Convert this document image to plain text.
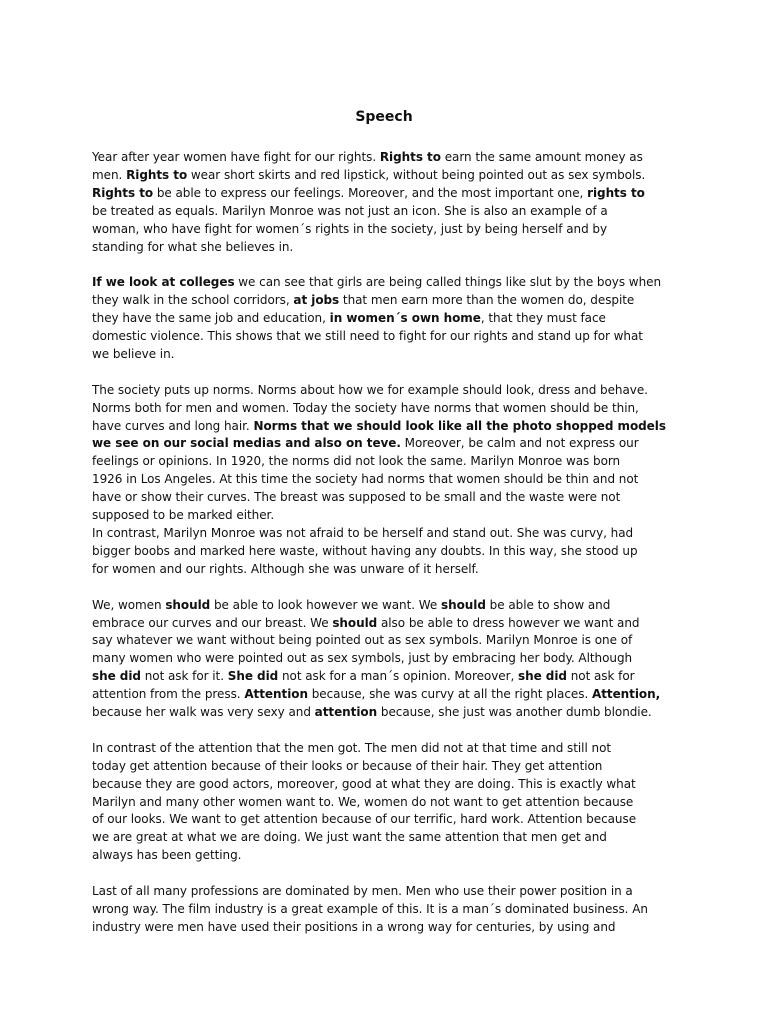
Speech
Year after year women have fight for our rights. Rights to earn the same amount money as
men. Rights to wear short skirts and red lipstick, without being pointed out as sex symbols.
Rights to be able to express our feelings. Moreover, and the most important one, rights to
be treated as equals. Marilyn Monroe was not just an icon. She is also an example of a
woman, who have fight for women´s rights in the society, just by being herself and by
standing for what she believes in.
If we look at colleges we can see that girls are being called things like slut by the boys when
they walk in the school corridors, at jobs that men earn more than the women do, despite
they have the same job and education, in women´s own home, that they must face
domestic violence. This shows that we still need to fight for our rights and stand up for what
we believe in.
The society puts up norms. Norms about how we for example should look, dress and behave.
Norms both for men and women. Today the society have norms that women should be thin,
have curves and long hair. Norms that we should look like all the photo shopped models
we see on our social medias and also on teve. Moreover, be calm and not express our
feelings or opinions. In 1920, the norms did not look the same. Marilyn Monroe was born
1926 in Los Angeles. At this time the society had norms that women should be thin and not
have or show their curves. The breast was supposed to be small and the waste were not
supposed to be marked either.
In contrast, Marilyn Monroe was not afraid to be herself and stand out. She was curvy, had
bigger boobs and marked here waste, without having any doubts. In this way, she stood up
for women and our rights. Although she was unware of it herself.
We, women should be able to look however we want. We should be able to show and
embrace our curves and our breast. We should also be able to dress however we want and
say whatever we want without being pointed out as sex symbols. Marilyn Monroe is one of
many women who were pointed out as sex symbols, just by embracing her body. Although
she did not ask for it. She did not ask for a man´s opinion. Moreover, she did not ask for
attention from the press. Attention because, she was curvy at all the right places. Attention,
because her walk was very sexy and attention because, she just was another dumb blondie.
In contrast of the attention that the men got. The men did not at that time and still not
today get attention because of their looks or because of their hair. They get attention
because they are good actors, moreover, good at what they are doing. This is exactly what
Marilyn and many other women want to. We, women do not want to get attention because
of our looks. We want to get attention because of our terrific, hard work. Attention because
we are great at what we are doing. We just want the same attention that men get and
always has been getting.
Last of all many professions are dominated by men. Men who use their power position in a
wrong way. The film industry is a great example of this. It is a man´s dominated business. An
industry were men have used their positions in a wrong way for centuries, by using and
